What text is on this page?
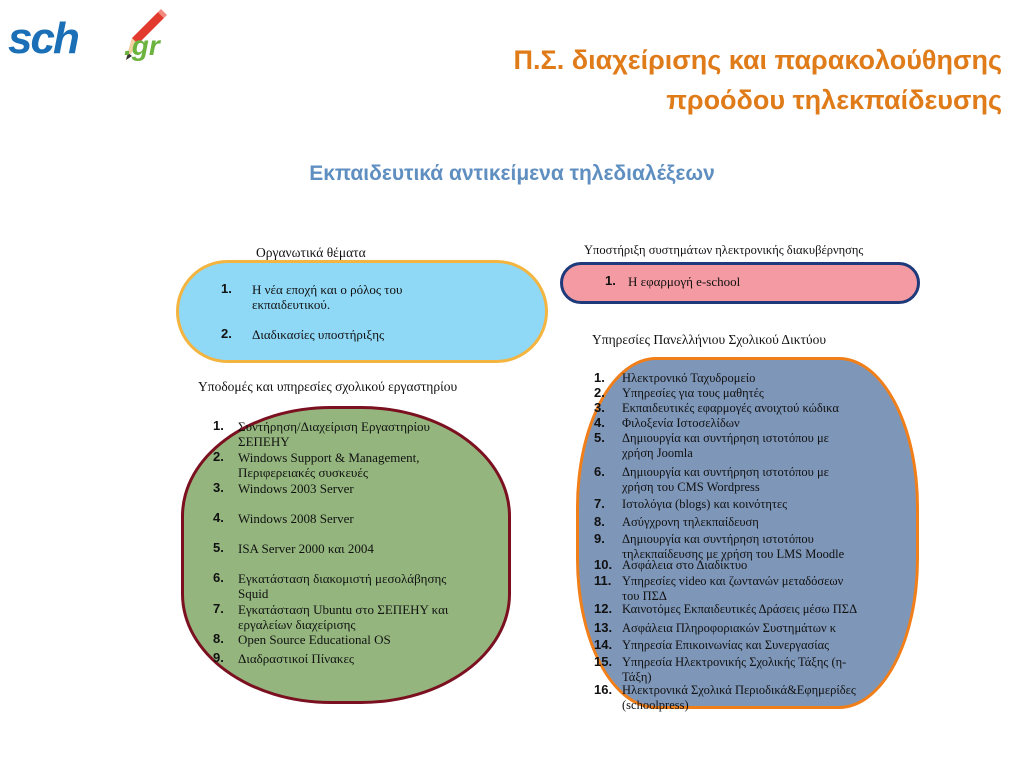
sch .gr	Π.Σ. διαχείρισης και παρακολούθησης
προόδου τηλεκπαίδευσης
Εκπαιδευτικά αντικείμενα τηλεδιαλέξεων
Οργανωτικά θέματα
1. Η νέα εποχή και ο ρόλος του
εκπαιδευτικού.
2. Διαδικασίες υποστήριξης
Υποστήριξη συστημάτων ηλεκτρονικής διακυβέρνησης
1. Η εφαρμογή e-school
Υποδομές και υπηρεσίες σχολικού εργαστηρίου
1. Συντήρηση/Διαχείριση Εργαστηρίου
ΣΕΠΕΗΥ
2. Windows Support & Management,
Περιφερειακές συσκευές
3. Windows 2003 Server
4. Windows 2008 Server
5. ISA Server 2000 και 2004
6. Εγκατάσταση διακομιστή μεσολάβησης
Squid
7. Εγκατάσταση Ubuntu στο ΣΕΠΕΗΥ και
εργαλείων διαχείρισης
8. Open Source Educational OS
9. Διαδραστικοί Πίνακες
Υπηρεσίες Πανελλήνιου Σχολικού Δικτύου
1. Ηλεκτρονικό Ταχυδρομείο
2. Υπηρεσίες για τους μαθητές
3. Εκπαιδευτικές εφαρμογές ανοιχτού κώδικα
4. Φιλοξενία Ιστοσελίδων
5. Δημιουργία και συντήρηση ιστοτόπου με
χρήση Joomla
6. Δημιουργία και συντήρηση ιστοτόπου με
χρήση του CMS Wordpress
7. Ιστολόγια (blogs) και κοινότητες
8. Ασύγχρονη τηλεκπαίδευση
9. Δημιουργία και συντήρηση ιστοτόπου
τηλεκπαίδευσης με χρήση του LMS Moodle
10. Ασφάλεια στο Διαδίκτυο
11. Υπηρεσίες video και ζωντανών μεταδόσεων
του ΠΣΔ
12. Καινοτόμες Εκπαιδευτικές Δράσεις μέσω ΠΣΔ
13. Ασφάλεια Πληροφοριακών Συστημάτων κ
14. Υπηρεσία Επικοινωνίας και Συνεργασίας
15. Υπηρεσία Ηλεκτρονικής Σχολικής Τάξης (η-
Τάξη)
16. Ηλεκτρονικά Σχολικά Περιοδικά&Εφημερίδες
(schoolpress)
